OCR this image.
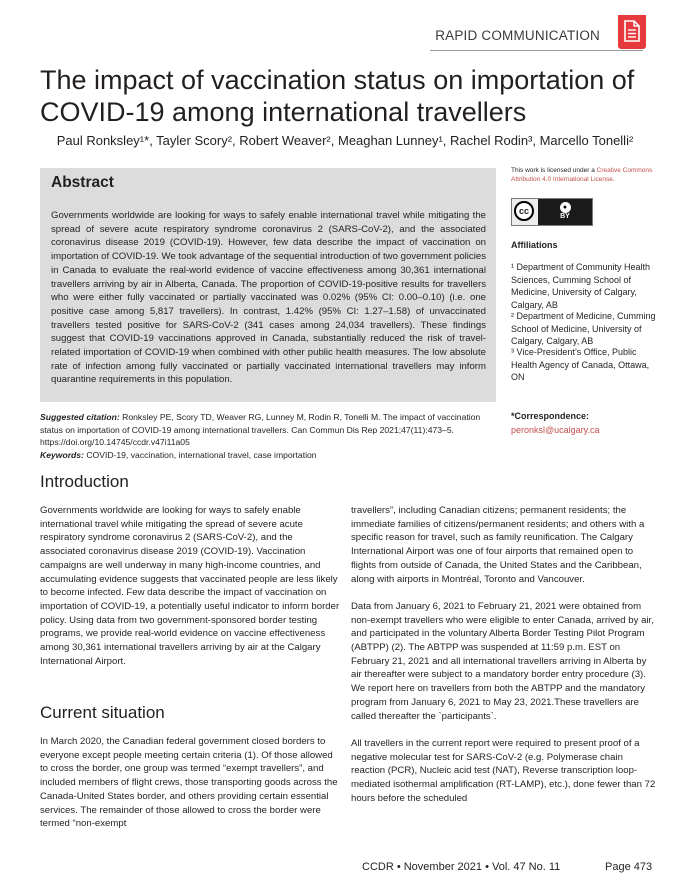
RAPID COMMUNICATION
The impact of vaccination status on importation of COVID-19 among international travellers
Paul Ronksley¹*, Tayler Scory², Robert Weaver², Meaghan Lunney¹, Rachel Rodin³, Marcello Tonelli²
Abstract
Governments worldwide are looking for ways to safely enable international travel while mitigating the spread of severe acute respiratory syndrome coronavirus 2 (SARS-CoV-2), and the associated coronavirus disease 2019 (COVID-19). However, few data describe the impact of vaccination on importation of COVID-19. We took advantage of the sequential introduction of two government policies in Canada to evaluate the real-world evidence of vaccine effectiveness among 30,361 international travellers arriving by air in Alberta, Canada. The proportion of COVID-19-positive results for travellers who were either fully vaccinated or partially vaccinated was 0.02% (95% CI: 0.00–0.10) (i.e. one positive case among 5,817 travellers). In contrast, 1.42% (95% CI: 1.27–1.58) of unvaccinated travellers tested positive for SARS-CoV-2 (341 cases among 24,034 travellers). These findings suggest that COVID-19 vaccinations approved in Canada, substantially reduced the risk of travel-related importation of COVID-19 when combined with other public health measures. The low absolute rate of infection among fully vaccinated or partially vaccinated international travellers may inform quarantine requirements in this population.
This work is licensed under a Creative Commons Attribution 4.0 International License.
cc	●
BY
Affiliations
¹ Department of Community Health Sciences, Cumming School of Medicine, University of Calgary, Calgary, AB
² Department of Medicine, Cumming School of Medicine, University of Calgary, Calgary, AB
³ Vice-President’s Office, Public Health Agency of Canada, Ottawa, ON
Suggested citation: Ronksley PE, Scory TD, Weaver RG, Lunney M, Rodin R, Tonelli M. The impact of vaccination status on importation of COVID-19 among international travellers. Can Commun Dis Rep 2021;47(11):473–5. https://doi.org/10.14745/ccdr.v47i11a05
Keywords: COVID-19, vaccination, international travel, case importation
*Correspondence:
peronksl@ucalgary.ca
Introduction
Governments worldwide are looking for ways to safely enable international travel while mitigating the spread of severe acute respiratory syndrome coronavirus 2 (SARS-CoV-2), and the associated coronavirus disease 2019 (COVID-19). Vaccination campaigns are well underway in many high-income countries, and accumulating evidence suggests that vaccinated people are less likely to become infected. Few data describe the impact of vaccination on importation of COVID-19, a potentially useful indicator to inform border policy. Using data from two government-sponsored border testing programs, we provide real-world evidence on vaccine effectiveness among 30,361 international travellers arriving by air at the Calgary International Airport.
Current situation
In March 2020, the Canadian federal government closed borders to everyone except people meeting certain criteria (1). Of those allowed to cross the border, one group was termed “exempt travellers”, and included members of flight crews, those transporting goods across the Canada-United States border, and others providing certain essential services. The remainder of those allowed to cross the border were termed “non-exempt

travellers”, including Canadian citizens; permanent residents; the immediate families of citizens/permanent residents; and others with a specific reason for travel, such as family reunification. The Calgary International Airport was one of four airports that remained open to flights from outside of Canada, the United States and the Caribbean, along with airports in Montréal, Toronto and Vancouver.

Data from January 6, 2021 to February 21, 2021 were obtained from non-exempt travellers who were eligible to enter Canada, arrived by air, and participated in the voluntary Alberta Border Testing Pilot Program (ABTPP) (2). The ABTPP was suspended at 11:59 p.m. EST on February 21, 2021 and all international travellers arriving in Alberta by air thereafter were subject to a mandatory border entry procedure (3). We report here on travellers from both the ABTPP and the mandatory program from January 6, 2021 to May 23, 2021.These travellers are called thereafter the `participants`.

All travellers in the current report were required to present proof of a negative molecular test for SARS-CoV-2 (e.g. Polymerase chain reaction (PCR), Nucleic acid test (NAT), Reverse transcription loop-mediated isothermal amplification (RT-LAMP), etc.), done fewer than 72 hours before the scheduled

CCDR • November 2021 • Vol. 47 No. 11	Page 473
